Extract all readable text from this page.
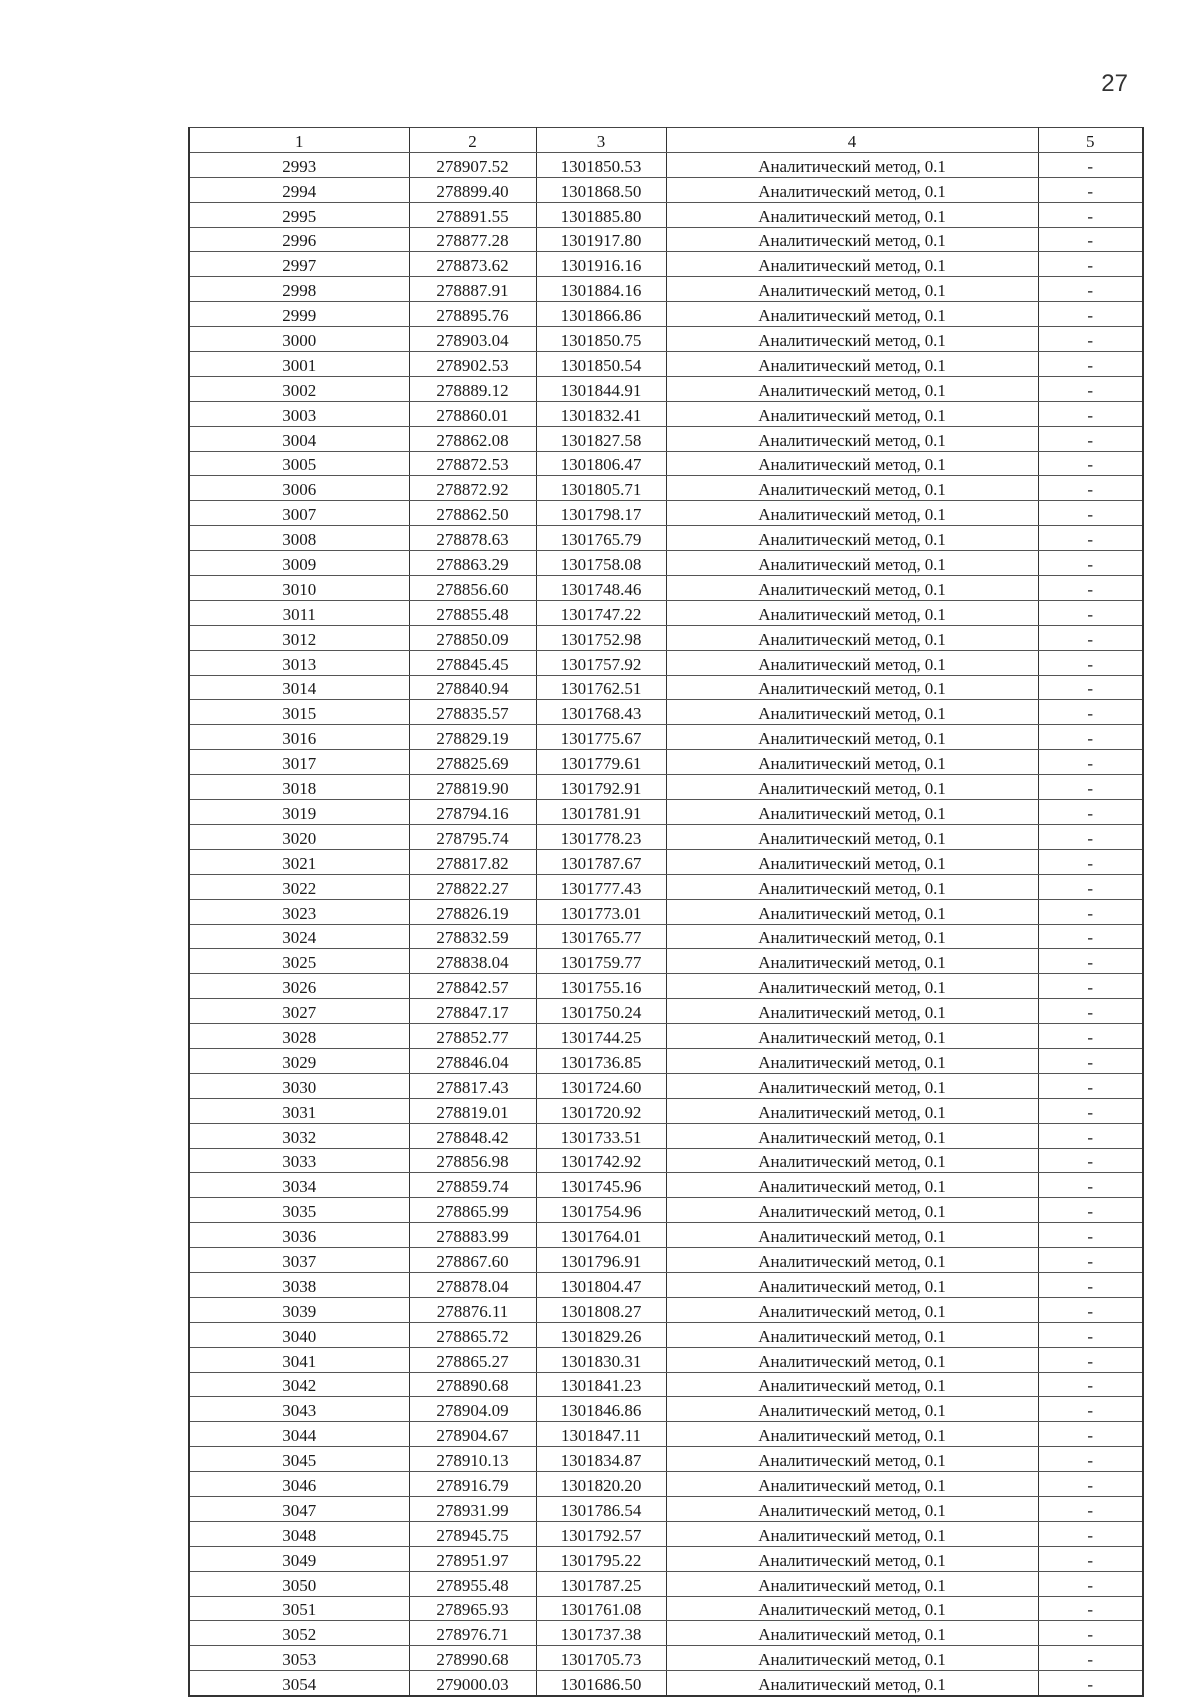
27
1	2	3	4	5
2993	278907.52	1301850.53	Аналитический метод, 0.1	-
2994	278899.40	1301868.50	Аналитический метод, 0.1	-
2995	278891.55	1301885.80	Аналитический метод, 0.1	-
2996	278877.28	1301917.80	Аналитический метод, 0.1	-
2997	278873.62	1301916.16	Аналитический метод, 0.1	-
2998	278887.91	1301884.16	Аналитический метод, 0.1	-
2999	278895.76	1301866.86	Аналитический метод, 0.1	-
3000	278903.04	1301850.75	Аналитический метод, 0.1	-
3001	278902.53	1301850.54	Аналитический метод, 0.1	-
3002	278889.12	1301844.91	Аналитический метод, 0.1	-
3003	278860.01	1301832.41	Аналитический метод, 0.1	-
3004	278862.08	1301827.58	Аналитический метод, 0.1	-
3005	278872.53	1301806.47	Аналитический метод, 0.1	-
3006	278872.92	1301805.71	Аналитический метод, 0.1	-
3007	278862.50	1301798.17	Аналитический метод, 0.1	-
3008	278878.63	1301765.79	Аналитический метод, 0.1	-
3009	278863.29	1301758.08	Аналитический метод, 0.1	-
3010	278856.60	1301748.46	Аналитический метод, 0.1	-
3011	278855.48	1301747.22	Аналитический метод, 0.1	-
3012	278850.09	1301752.98	Аналитический метод, 0.1	-
3013	278845.45	1301757.92	Аналитический метод, 0.1	-
3014	278840.94	1301762.51	Аналитический метод, 0.1	-
3015	278835.57	1301768.43	Аналитический метод, 0.1	-
3016	278829.19	1301775.67	Аналитический метод, 0.1	-
3017	278825.69	1301779.61	Аналитический метод, 0.1	-
3018	278819.90	1301792.91	Аналитический метод, 0.1	-
3019	278794.16	1301781.91	Аналитический метод, 0.1	-
3020	278795.74	1301778.23	Аналитический метод, 0.1	-
3021	278817.82	1301787.67	Аналитический метод, 0.1	-
3022	278822.27	1301777.43	Аналитический метод, 0.1	-
3023	278826.19	1301773.01	Аналитический метод, 0.1	-
3024	278832.59	1301765.77	Аналитический метод, 0.1	-
3025	278838.04	1301759.77	Аналитический метод, 0.1	-
3026	278842.57	1301755.16	Аналитический метод, 0.1	-
3027	278847.17	1301750.24	Аналитический метод, 0.1	-
3028	278852.77	1301744.25	Аналитический метод, 0.1	-
3029	278846.04	1301736.85	Аналитический метод, 0.1	-
3030	278817.43	1301724.60	Аналитический метод, 0.1	-
3031	278819.01	1301720.92	Аналитический метод, 0.1	-
3032	278848.42	1301733.51	Аналитический метод, 0.1	-
3033	278856.98	1301742.92	Аналитический метод, 0.1	-
3034	278859.74	1301745.96	Аналитический метод, 0.1	-
3035	278865.99	1301754.96	Аналитический метод, 0.1	-
3036	278883.99	1301764.01	Аналитический метод, 0.1	-
3037	278867.60	1301796.91	Аналитический метод, 0.1	-
3038	278878.04	1301804.47	Аналитический метод, 0.1	-
3039	278876.11	1301808.27	Аналитический метод, 0.1	-
3040	278865.72	1301829.26	Аналитический метод, 0.1	-
3041	278865.27	1301830.31	Аналитический метод, 0.1	-
3042	278890.68	1301841.23	Аналитический метод, 0.1	-
3043	278904.09	1301846.86	Аналитический метод, 0.1	-
3044	278904.67	1301847.11	Аналитический метод, 0.1	-
3045	278910.13	1301834.87	Аналитический метод, 0.1	-
3046	278916.79	1301820.20	Аналитический метод, 0.1	-
3047	278931.99	1301786.54	Аналитический метод, 0.1	-
3048	278945.75	1301792.57	Аналитический метод, 0.1	-
3049	278951.97	1301795.22	Аналитический метод, 0.1	-
3050	278955.48	1301787.25	Аналитический метод, 0.1	-
3051	278965.93	1301761.08	Аналитический метод, 0.1	-
3052	278976.71	1301737.38	Аналитический метод, 0.1	-
3053	278990.68	1301705.73	Аналитический метод, 0.1	-
3054	279000.03	1301686.50	Аналитический метод, 0.1	-
